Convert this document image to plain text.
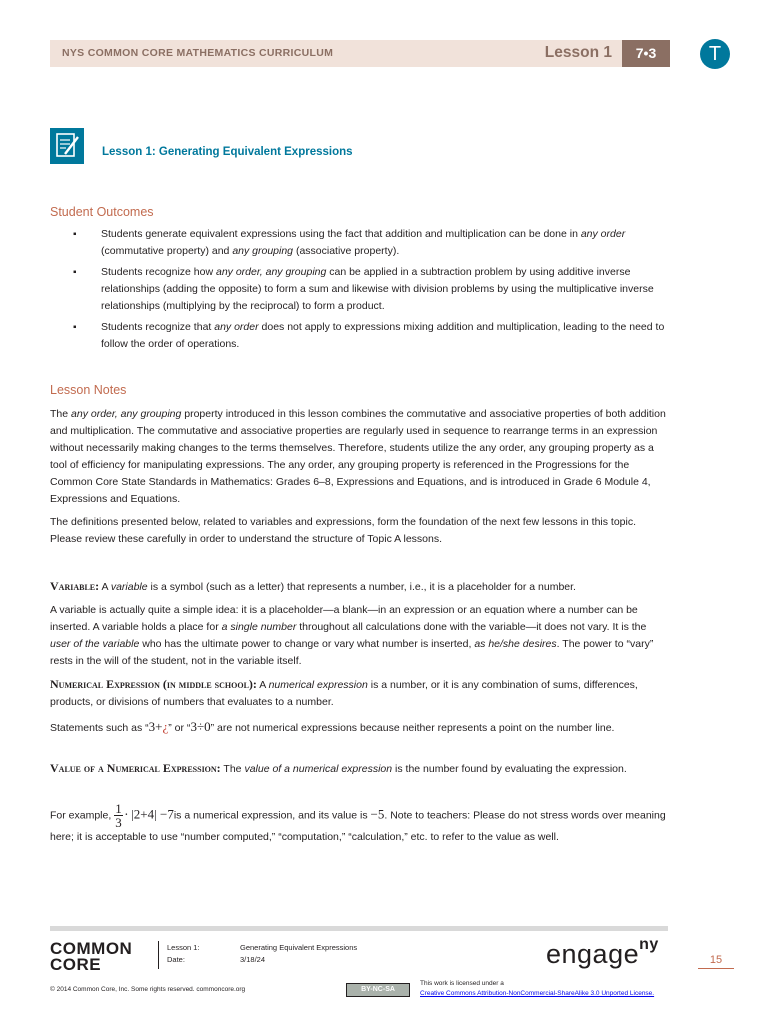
NYS COMMON CORE MATHEMATICS CURRICULUM	Lesson 1	7•3	T
Lesson 1: Generating Equivalent Expressions
Student Outcomes
▪ Students generate equivalent expressions using the fact that addition and multiplication can be done in any order (commutative property) and any grouping (associative property).
▪ Students recognize how any order, any grouping can be applied in a subtraction problem by using additive inverse relationships (adding the opposite) to form a sum and likewise with division problems by using the multiplicative inverse relationships (multiplying by the reciprocal) to form a product.
▪ Students recognize that any order does not apply to expressions mixing addition and multiplication, leading to the need to follow the order of operations.
Lesson Notes

The any order, any grouping property introduced in this lesson combines the commutative and associative properties of both addition and multiplication. The commutative and associative properties are regularly used in sequence to rearrange terms in an expression without necessarily making changes to the terms themselves. Therefore, students utilize the any order, any grouping property as a tool of efficiency for manipulating expressions. The any order, any grouping property is referenced in the Progressions for the Common Core State Standards in Mathematics: Grades 6–8, Expressions and Equations, and is introduced in Grade 6 Module 4, Expressions and Equations.

The definitions presented below, related to variables and expressions, form the foundation of the next few lessons in this topic. Please review these carefully in order to understand the structure of Topic A lessons.

Variable: A variable is a symbol (such as a letter) that represents a number, i.e., it is a placeholder for a number.

A variable is actually quite a simple idea: it is a placeholder—a blank—in an expression or an equation where a number can be inserted. A variable holds a place for a single number throughout all calculations done with the variable—it does not vary. It is the user of the variable who has the ultimate power to change or vary what number is inserted, as he/she desires. The power to “vary” rests in the will of the student, not in the variable itself.

Numerical Expression (in middle school): A numerical expression is a number, or it is any combination of sums, differences, products, or divisions of numbers that evaluates to a number.

Statements such as “3+¿” or “3÷0” are not numerical expressions because neither represents a point on the number line.

Value of a Numerical Expression: The value of a numerical expression is the number found by evaluating the expression.

For example, $\frac{1}{3} \cdot |2+4| -7is$ a numerical expression, and its value is −5. Note to teachers: Please do not stress words over meaning here; it is acceptable to use “number computed,” “computation,” “calculation,” etc. to refer to the value as well.

COMMON
CORE
Lesson 1:	Generating Equivalent Expressions
Date:	3/18/24	engage$^{ny}$
15
© 2014 Common Core, Inc. Some rights reserved. commoncore.org	BY-NC-SA
This work is licensed under a
Creative Commons Attribution-NonCommercial-ShareAlike 3.0 Unported License.
